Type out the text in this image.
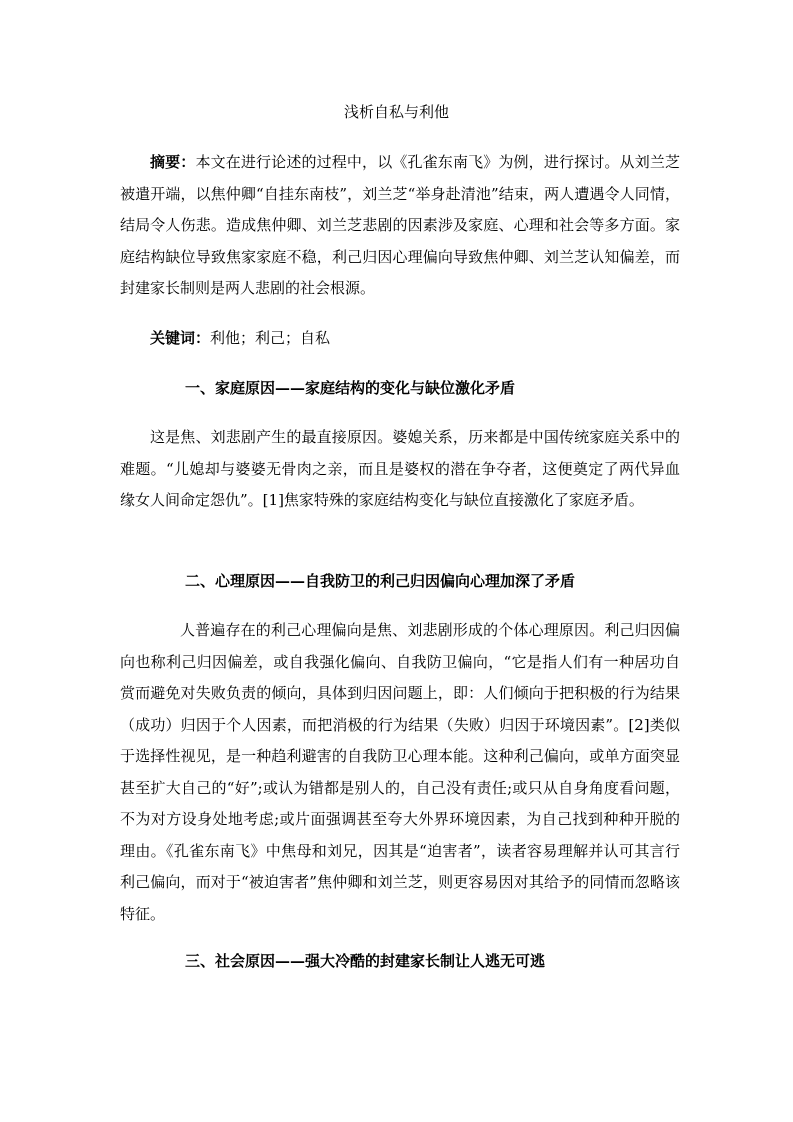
浅析自私与利他
摘要：本文在进行论述的过程中，以《孔雀东南飞》为例，进行探讨。从刘兰芝被遣开端，以焦仲卿“自挂东南枝”，刘兰芝“举身赴清池”结束，两人遭遇令人同情，结局令人伤悲。造成焦仲卿、刘兰芝悲剧的因素涉及家庭、心理和社会等多方面。家庭结构缺位导致焦家家庭不稳，利己归因心理偏向导致焦仲卿、刘兰芝认知偏差，而封建家长制则是两人悲剧的社会根源。
关键词：利他；利己；自私
一、家庭原因——家庭结构的变化与缺位激化矛盾
这是焦、刘悲剧产生的最直接原因。婆媳关系，历来都是中国传统家庭关系中的难题。“儿媳却与婆婆无骨肉之亲，而且是婆权的潜在争夺者，这便奠定了两代异血缘女人间命定怨仇”。[1]焦家特殊的家庭结构变化与缺位直接激化了家庭矛盾。
二、心理原因——自我防卫的利己归因偏向心理加深了矛盾
人普遍存在的利己心理偏向是焦、刘悲剧形成的个体心理原因。利己归因偏向也称利己归因偏差，或自我强化偏向、自我防卫偏向，“它是指人们有一种居功自赏而避免对失败负责的倾向，具体到归因问题上，即：人们倾向于把积极的行为结果（成功）归因于个人因素，而把消极的行为结果（失败）归因于环境因素”。[2]类似于选择性视见，是一种趋利避害的自我防卫心理本能。这种利己偏向，或单方面突显甚至扩大自己的“好”;或认为错都是别人的，自己没有责任;或只从自身角度看问题，不为对方设身处地考虑;或片面强调甚至夸大外界环境因素，为自己找到种种开脱的理由。《孔雀东南飞》中焦母和刘兄，因其是“迫害者”，读者容易理解并认可其言行利己偏向，而对于“被迫害者”焦仲卿和刘兰芝，则更容易因对其给予的同情而忽略该特征。
三、社会原因——强大冷酷的封建家长制让人逃无可逃
